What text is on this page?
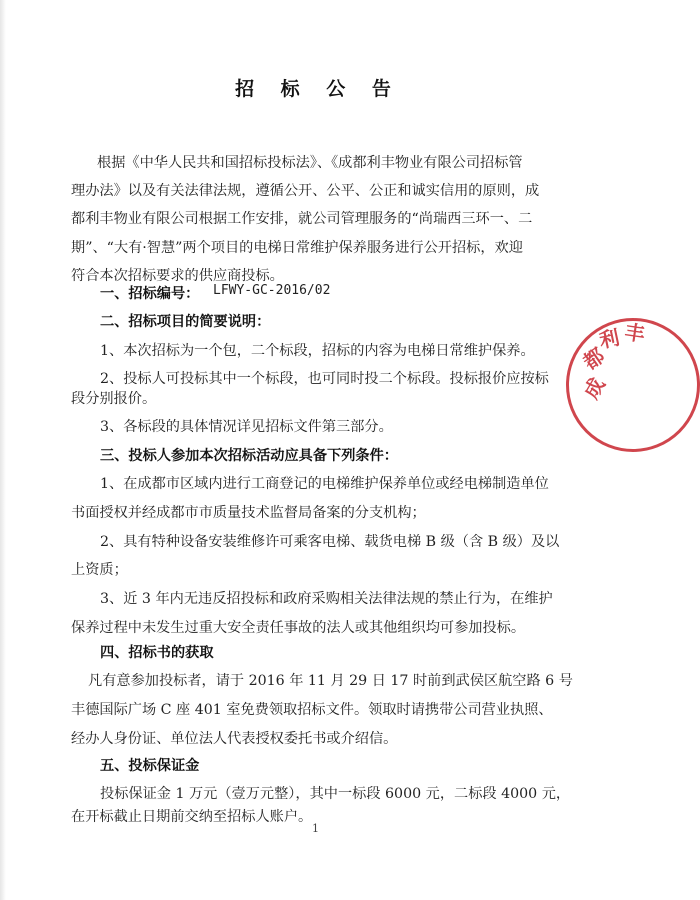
招 标 公 告
根据《中华人民共和国招标投标法》、《成都利丰物业有限公司招标管
理办法》以及有关法律法规，遵循公开、公平、公正和诚实信用的原则，成
都利丰物业有限公司根据工作安排，就公司管理服务的“尚瑞西三环一、二
期”、“大有·智慧”两个项目的电梯日常维护保养服务进行公开招标，欢迎
符合本次招标要求的供应商投标。
一、招标编号： LFWY-GC-2016/02
二、招标项目的简要说明：
1、本次招标为一个包，二个标段，招标的内容为电梯日常维护保养。
2、投标人可投标其中一个标段，也可同时投二个标段。投标报价应按标
段分别报价。
3、各标段的具体情况详见招标文件第三部分。
三、投标人参加本次招标活动应具备下列条件：
1、在成都市区域内进行工商登记的电梯维护保养单位或经电梯制造单位
书面授权并经成都市市质量技术监督局备案的分支机构；
2、具有特种设备安装维修许可乘客电梯、载货电梯 B 级（含 B 级）及以
上资质；
3、近 3 年内无违反招投标和政府采购相关法律法规的禁止行为，在维护
保养过程中未发生过重大安全责任事故的法人或其他组织均可参加投标。
四、招标书的获取
凡有意参加投标者，请于 2016 年 11 月 29 日 17 时前到武侯区航空路 6 号
丰德国际广场 C 座 401 室免费领取招标文件。领取时请携带公司营业执照、
经办人身份证、单位法人代表授权委托书或介绍信。
五、投标保证金
投标保证金 1 万元（壹万元整），其中一标段 6000 元，二标段 4000 元，
在开标截止日期前交纳至招标人账户。
1
成
都
利 丰
